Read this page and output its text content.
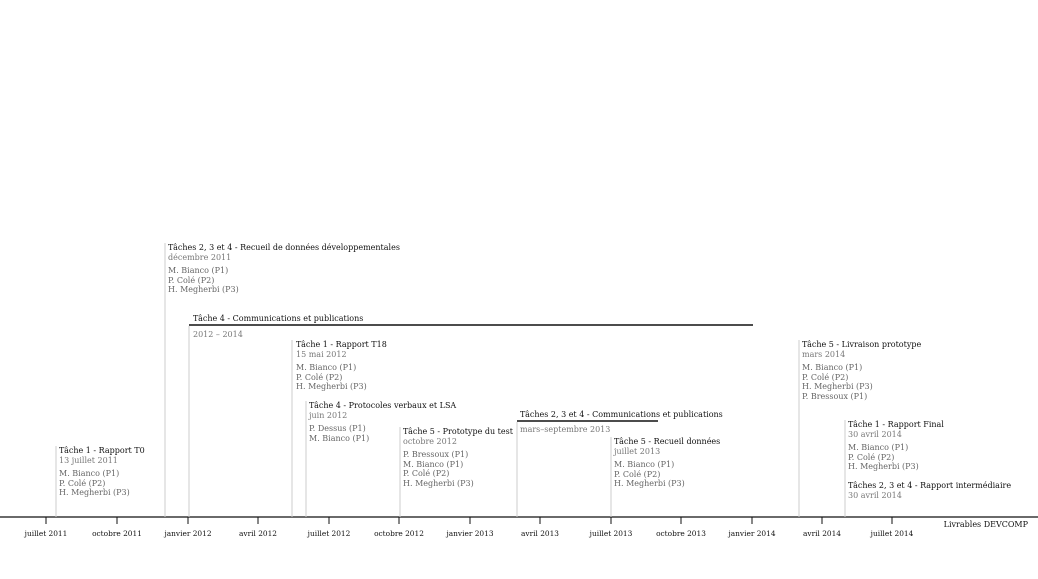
Tâche 1 - Rapport T0
13 juillet 2011
M. Bianco (P1)
P. Colé (P2)
H. Megherbi (P3)
Tâches 2, 3 et 4 - Recueil de données développementales
décembre 2011
M. Bianco (P1)
P. Colé (P2)
H. Megherbi (P3)
Tâche 4 - Communications et publications
2012 – 2014
Tâche 1 - Rapport T18
15 mai 2012
M. Bianco (P1)
P. Colé (P2)
H. Megherbi (P3)
Tâche 4 - Protocoles verbaux et LSA
juin 2012
P. Dessus (P1)
M. Bianco (P1)
Tâche 5 - Prototype du test
octobre 2012
P. Bressoux (P1)
M. Bianco (P1)
P. Colé (P2)
H. Megherbi (P3)
Tâches 2, 3 et 4 - Communications et publications
mars–septembre 2013
Tâche 5 - Recueil données
juillet 2013
M. Bianco (P1)
P. Colé (P2)
H. Megherbi (P3)
Tâche 5 - Livraison prototype
mars 2014
M. Bianco (P1)
P. Colé (P2)
H. Megherbi (P3)
P. Bressoux (P1)
Tâche 1 - Rapport Final
30 avril 2014
M. Bianco (P1)
P. Colé (P2)
H. Megherbi (P3)
Tâches 2, 3 et 4 - Rapport intermédiaire
30 avril 2014
Livrables DEVCOMP
juillet 2011	octobre 2011	janvier 2012	avril 2012	juillet 2012	octobre 2012	janvier 2013	avril 2013	juillet 2013	octobre 2013	janvier 2014	avril 2014	juillet 2014
